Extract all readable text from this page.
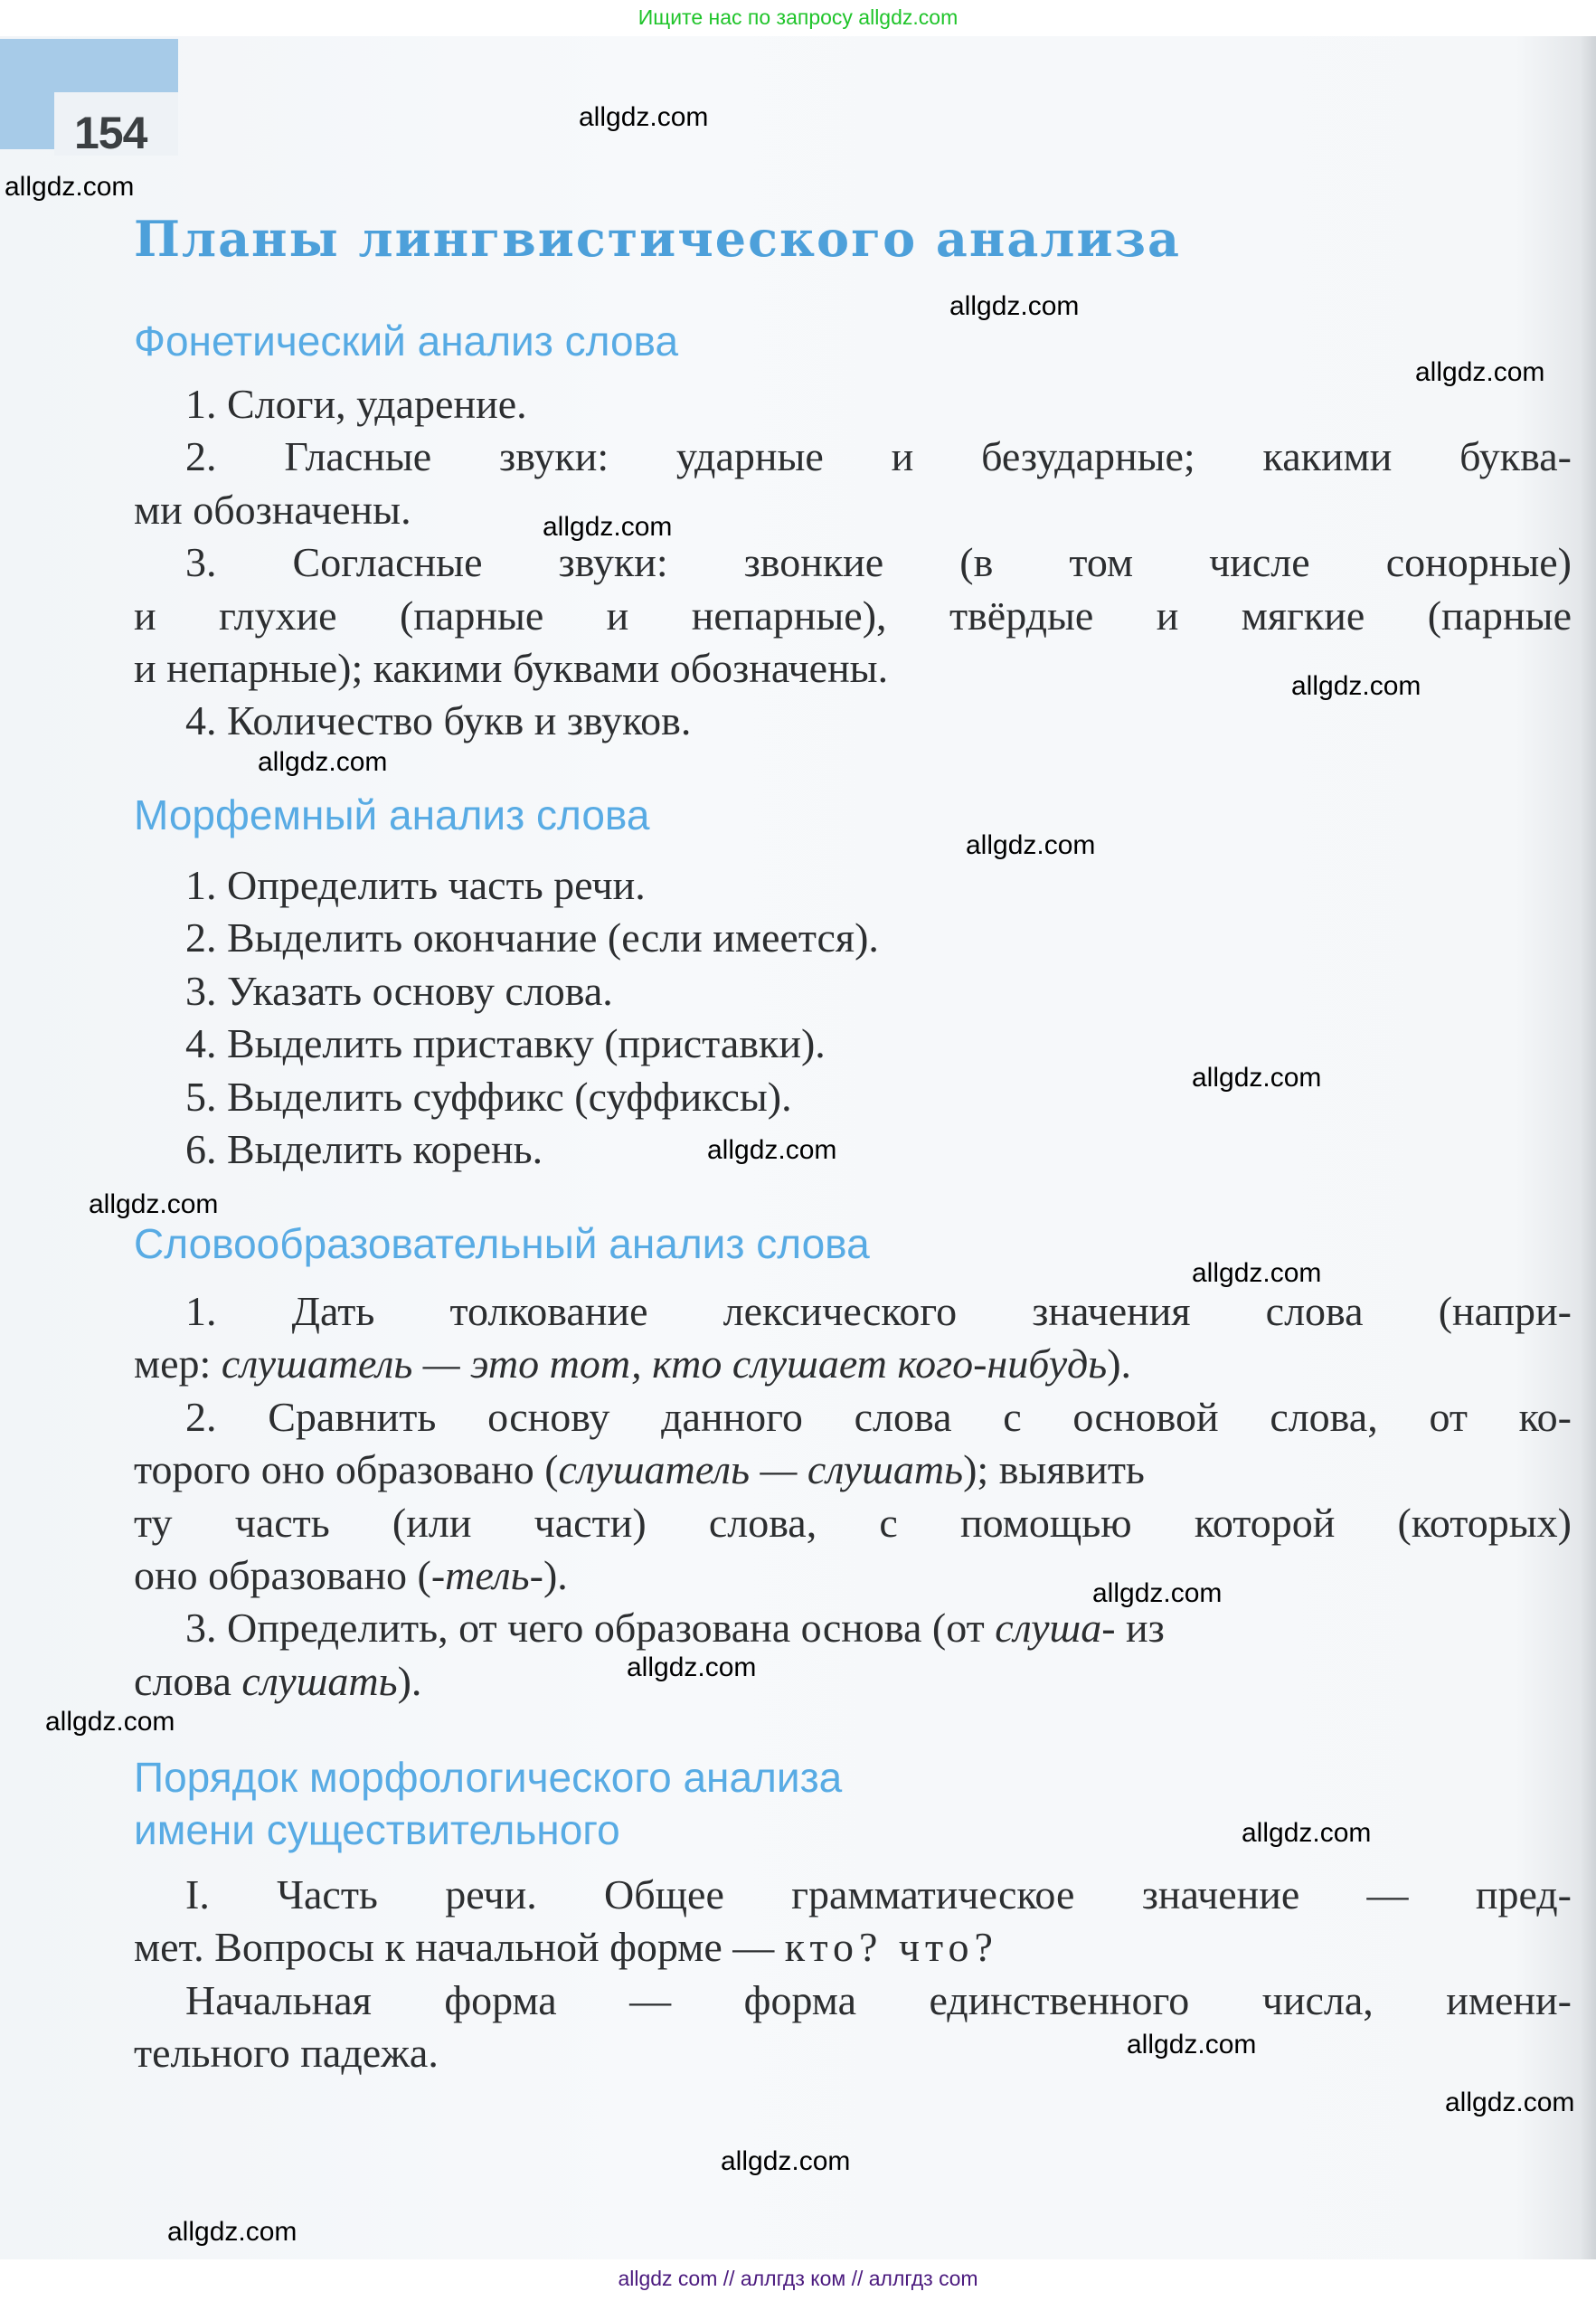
Ищите нас по запросу allgdz.com
154
Планы лингвистического анализа
Фонетический анализ слова
1. Слоги, ударение.
2. Гласные звуки: ударные и безударные; какими буква-
ми обозначены.
3. Согласные звуки: звонкие (в том числе сонорные)
и глухие (парные и непарные), твёрдые и мягкие (парные
и непарные); какими буквами обозначены.
4. Количество букв и звуков.
Морфемный анализ слова
1. Определить часть речи.
2. Выделить окончание (если имеется).
3. Указать основу слова.
4. Выделить приставку (приставки).
5. Выделить суффикс (суффиксы).
6. Выделить корень.
Словообразовательный анализ слова
1. Дать толкование лексического значения слова (напри-
мер: слушатель — это тот, кто слушает кого-нибудь).
2. Сравнить основу данного слова с основой слова, от ко-
торого оно образовано (слушатель — слушать); выявить
ту часть (или части) слова, с помощью которой (которых)
оно образовано (-тель-).
3. Определить, от чего образована основа (от слуша- из
слова слушать).
Порядок морфологического анализа
имени существительного
I. Часть речи. Общее грамматическое значение — пред-
мет. Вопросы к начальной форме — кто? что?
Начальная форма — форма единственного числа, имени-
тельного падежа.
allgdz.com
allgdz.com
allgdz.com
allgdz.com
allgdz.com
allgdz.com
allgdz.com
allgdz.com
allgdz.com
allgdz.com
allgdz.com
allgdz.com
allgdz.com
allgdz.com
allgdz.com
allgdz.com
allgdz.com
allgdz.com
allgdz.com
allgdz.com
allgdz com // аллгдз ком // аллгдз com
